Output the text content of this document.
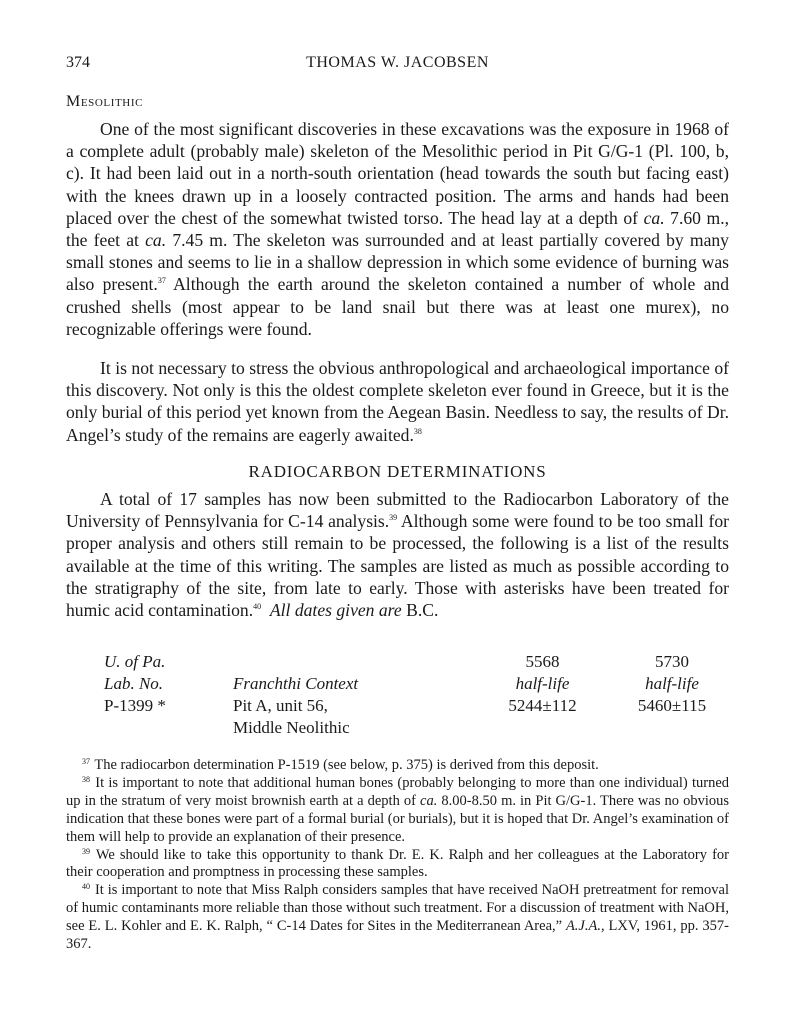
374	THOMAS W. JACOBSEN
Mesolithic

One of the most significant discoveries in these excavations was the exposure in 1968 of a complete adult (probably male) skeleton of the Mesolithic period in Pit G/G-1 (Pl. 100, b, c). It had been laid out in a north-south orientation (head towards the south but facing east) with the knees drawn up in a loosely contracted position. The arms and hands had been placed over the chest of the somewhat twisted torso. The head lay at a depth of ca. 7.60 m., the feet at ca. 7.45 m. The skeleton was surrounded and at least partially covered by many small stones and seems to lie in a shallow depression in which some evidence of burning was also present.$^{37}$ Although the earth around the skeleton contained a number of whole and crushed shells (most appear to be land snail but there was at least one murex), no recognizable offerings were found.

It is not necessary to stress the obvious anthropological and archaeological importance of this discovery. Not only is this the oldest complete skeleton ever found in Greece, but it is the only burial of this period yet known from the Aegean Basin. Needless to say, the results of Dr. Angel’s study of the remains are eagerly awaited.$^{38}$

RADIOCARBON DETERMINATIONS

A total of 17 samples has now been submitted to the Radiocarbon Laboratory of the University of Pennsylvania for C-14 analysis.$^{39}$ Although some were found to be too small for proper analysis and others still remain to be processed, the following is a list of the results available at the time of this writing. The samples are listed as much as possible according to the stratigraphy of the site, from late to early. Those with asterisks have been treated for humic acid contamination.$^{40}$ All dates given are B.C.

U. of Pa.		5568	5730
Lab. No.	Franchthi Context	half-life	half-life
P-1399 *	Pit A, unit 56,
Middle Neolithic	5244±112	5460±115

$^{37}$ The radiocarbon determination P-1519 (see below, p. 375) is derived from this deposit.

$^{38}$ It is important to note that additional human bones (probably belonging to more than one individual) turned up in the stratum of very moist brownish earth at a depth of ca. 8.00-8.50 m. in Pit G/G-1. There was no obvious indication that these bones were part of a formal burial (or burials), but it is hoped that Dr. Angel’s examination of them will help to provide an explanation of their presence.

$^{39}$ We should like to take this opportunity to thank Dr. E. K. Ralph and her colleagues at the Laboratory for their cooperation and promptness in processing these samples.

$^{40}$ It is important to note that Miss Ralph considers samples that have received NaOH pretreatment for removal of humic contaminants more reliable than those without such treatment. For a discussion of treatment with NaOH, see E. L. Kohler and E. K. Ralph, “ C-14 Dates for Sites in the Mediterranean Area,” A.J.A., LXV, 1961, pp. 357-367.
